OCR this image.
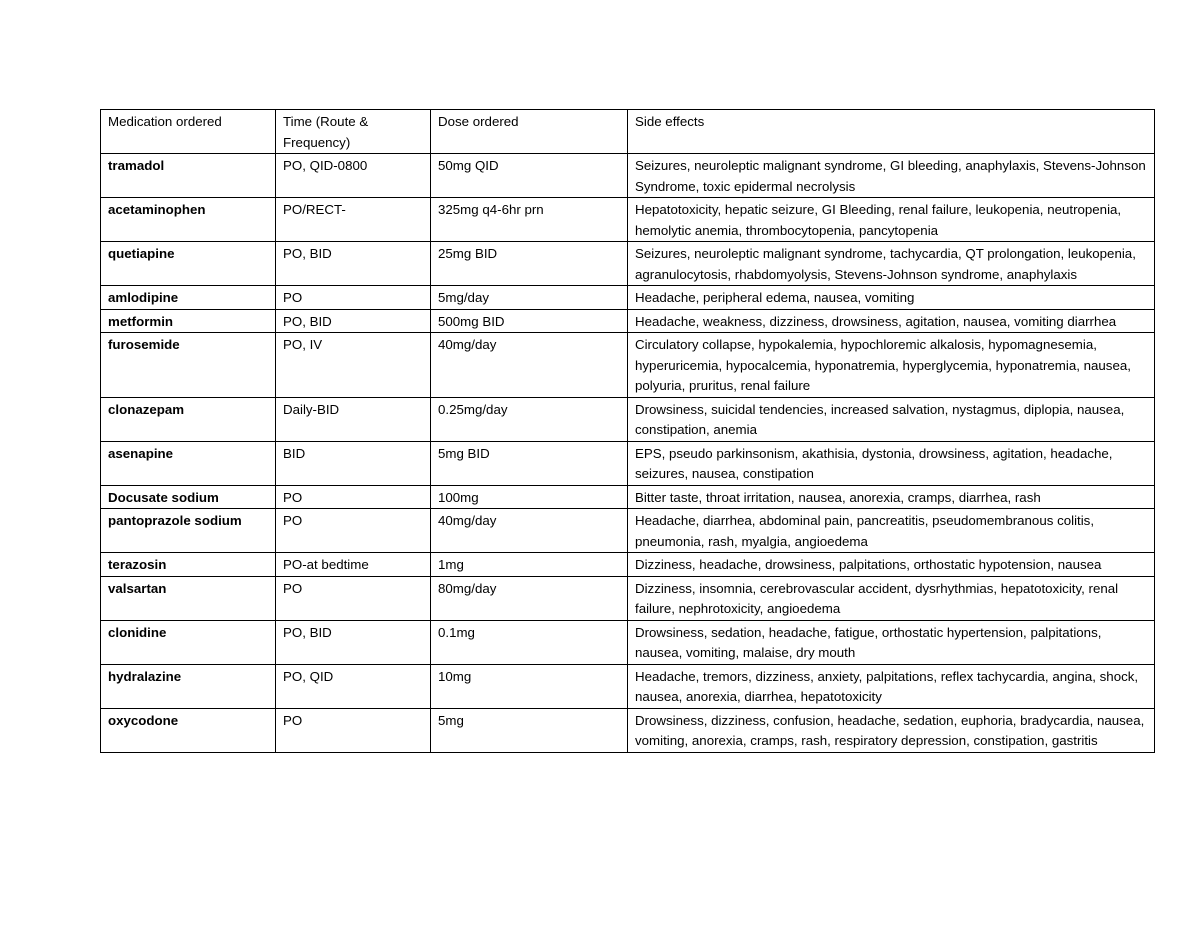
Medication ordered	Time (Route & Frequency)	Dose ordered	Side effects
tramadol	PO, QID-0800	50mg QID	Seizures, neuroleptic malignant syndrome, GI bleeding, anaphylaxis, Stevens-Johnson Syndrome, toxic epidermal necrolysis
acetaminophen	PO/RECT-	325mg q4-6hr prn	Hepatotoxicity, hepatic seizure, GI Bleeding, renal failure, leukopenia, neutropenia, hemolytic anemia, thrombocytopenia, pancytopenia
quetiapine	PO, BID	25mg BID	Seizures, neuroleptic malignant syndrome, tachycardia, QT prolongation, leukopenia, agranulocytosis, rhabdomyolysis, Stevens-Johnson syndrome, anaphylaxis
amlodipine	PO	5mg/day	Headache, peripheral edema, nausea, vomiting
metformin	PO, BID	500mg BID	Headache, weakness, dizziness, drowsiness, agitation, nausea, vomiting diarrhea
furosemide	PO, IV	40mg/day	Circulatory collapse, hypokalemia, hypochloremic alkalosis, hypomagnesemia, hyperuricemia, hypocalcemia, hyponatremia, hyperglycemia, hyponatremia, nausea, polyuria, pruritus, renal failure
clonazepam	Daily-BID	0.25mg/day	Drowsiness, suicidal tendencies, increased salvation, nystagmus, diplopia, nausea, constipation, anemia
asenapine	BID	5mg BID	EPS, pseudo parkinsonism, akathisia, dystonia, drowsiness, agitation, headache, seizures, nausea, constipation
Docusate sodium	PO	100mg	Bitter taste, throat irritation, nausea, anorexia, cramps, diarrhea, rash
pantoprazole sodium	PO	40mg/day	Headache, diarrhea, abdominal pain, pancreatitis, pseudomembranous colitis, pneumonia, rash, myalgia, angioedema
terazosin	PO-at bedtime	1mg	Dizziness, headache, drowsiness, palpitations, orthostatic hypotension, nausea
valsartan	PO	80mg/day	Dizziness, insomnia, cerebrovascular accident, dysrhythmias, hepatotoxicity, renal failure, nephrotoxicity, angioedema
clonidine	PO, BID	0.1mg	Drowsiness, sedation, headache, fatigue, orthostatic hypertension, palpitations, nausea, vomiting, malaise, dry mouth
hydralazine	PO, QID	10mg	Headache, tremors, dizziness, anxiety, palpitations, reflex tachycardia, angina, shock, nausea, anorexia, diarrhea, hepatotoxicity
oxycodone	PO	5mg	Drowsiness, dizziness, confusion, headache, sedation, euphoria, bradycardia, nausea, vomiting, anorexia, cramps, rash, respiratory depression, constipation, gastritis
